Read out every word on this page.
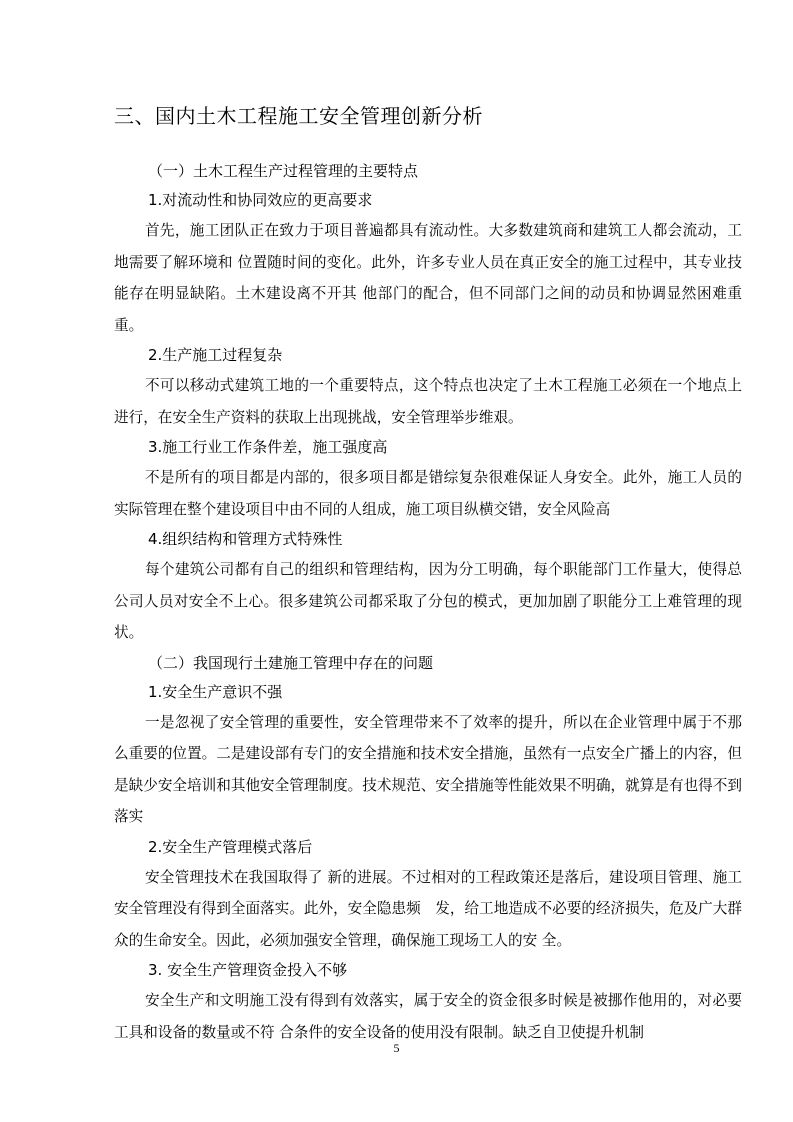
三、国内土木工程施工安全管理创新分析

（一）土木工程生产过程管理的主要特点

1.对流动性和协同效应的更高要求

首先，施工团队正在致力于项目普遍都具有流动性。大多数建筑商和建筑工人都会流动，工地需要了解环境和 位置随时间的变化。此外，许多专业人员在真正安全的施工过程中，其专业技能存在明显缺陷。土木建设离不开其 他部门的配合，但不同部门之间的动员和协调显然困难重重。

2.生产施工过程复杂

不可以移动式建筑工地的一个重要特点，这个特点也决定了土木工程施工必须在一个地点上进行，在安全生产资料的获取上出现挑战，安全管理举步维艰。

3.施工行业工作条件差，施工强度高

不是所有的项目都是内部的，很多项目都是错综复杂很难保证人身安全。此外，施工人员的实际管理在整个建设项目中由不同的人组成，施工项目纵横交错，安全风险高

4.组织结构和管理方式特殊性

每个建筑公司都有自己的组织和管理结构，因为分工明确，每个职能部门工作量大，使得总公司人员对安全不上心。很多建筑公司都采取了分包的模式，更加加剧了职能分工上难管理的现状。

（二）我国现行土建施工管理中存在的问题

1.安全生产意识不强

一是忽视了安全管理的重要性，安全管理带来不了效率的提升，所以在企业管理中属于不那么重要的位置。二是建设部有专门的安全措施和技术安全措施，虽然有一点安全广播上的内容，但是缺少安全培训和其他安全管理制度。技术规范、安全措施等性能效果不明确，就算是有也得不到落实

2.安全生产管理模式落后

安全管理技术在我国取得了 新的进展。不过相对的工程政策还是落后，建设项目管理、施工安全管理没有得到全面落实。此外，安全隐患频　发，给工地造成不必要的经济损失，危及广大群众的生命安全。因此，必须加强安全管理，确保施工现场工人的安 全。

3. 安全生产管理资金投入不够

安全生产和文明施工没有得到有效落实，属于安全的资金很多时候是被挪作他用的，对必要工具和设备的数量或不符 合条件的安全设备的使用没有限制。缺乏自卫使提升机制

5
